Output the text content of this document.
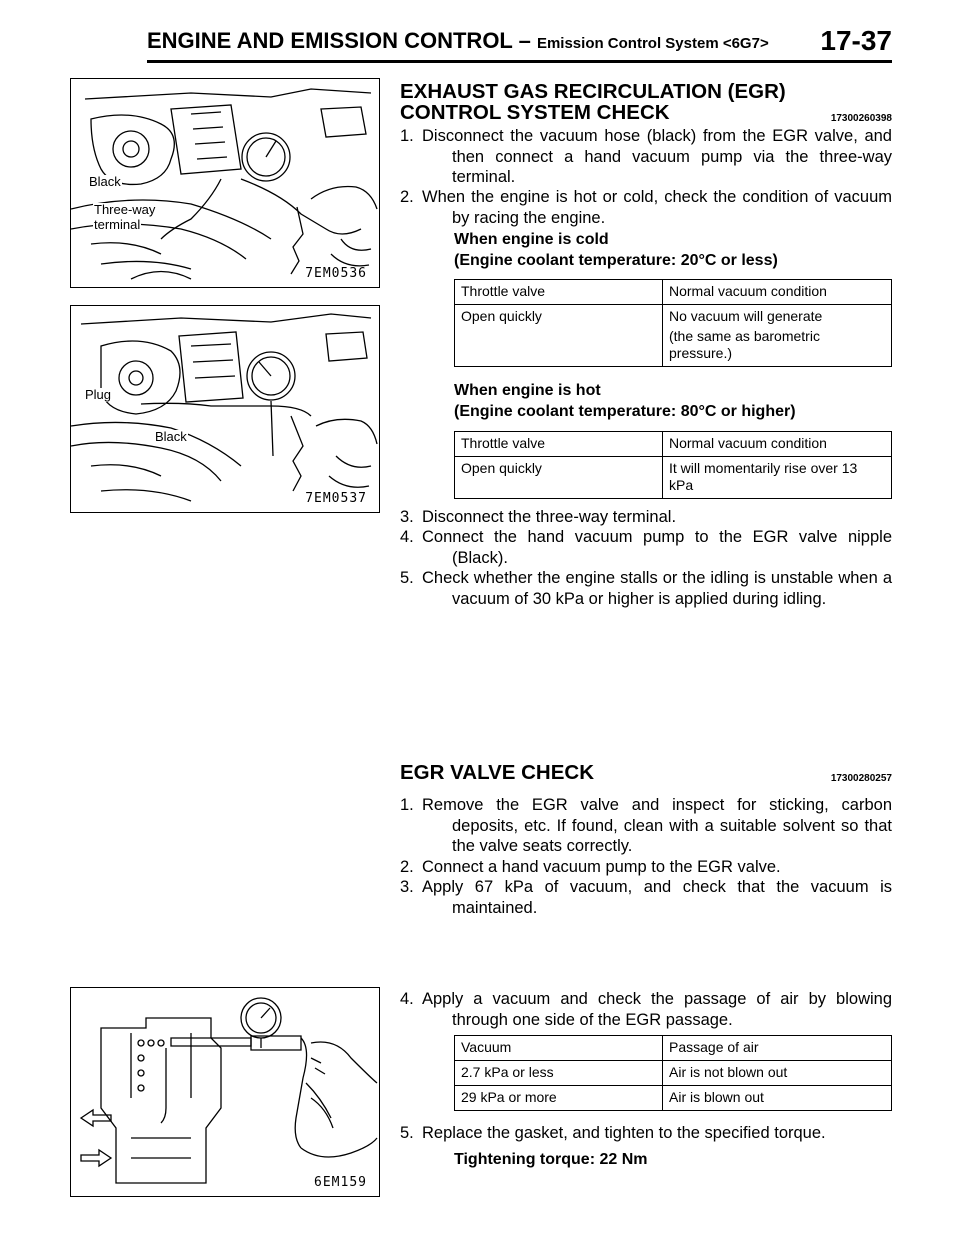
ENGINE AND EMISSION CONTROL – Emission Control System <6G7> 17-37
Black
Three-way
terminal
7EM0536
Plug
Black
7EM0537
6EM159
EXHAUST GAS RECIRCULATION (EGR)
CONTROL SYSTEM CHECK	17300260398
1. Disconnect the vacuum hose (black) from the EGR valve, and then connect a hand vacuum pump via the three-way terminal.
2. When the engine is hot or cold, check the condition of vacuum by racing the engine.
When engine is cold
(Engine coolant temperature: 20°C or less)
Throttle valve	Normal vacuum condition
Open quickly	No vacuum will generate
(the same as barometric pressure.)
When engine is hot
(Engine coolant temperature: 80°C or higher)
Throttle valve	Normal vacuum condition
Open quickly	It will momentarily rise over 13 kPa
3. Disconnect the three-way terminal.
4. Connect the hand vacuum pump to the EGR valve nipple (Black).
5. Check whether the engine stalls or the idling is unstable when a vacuum of 30 kPa or higher is applied during idling.
EGR VALVE CHECK	17300280257
1. Remove the EGR valve and inspect for sticking, carbon deposits, etc. If found, clean with a suitable solvent so that the valve seats correctly.
2. Connect a hand vacuum pump to the EGR valve.
3. Apply 67 kPa of vacuum, and check that the vacuum is maintained.
4. Apply a vacuum and check the passage of air by blowing through one side of the EGR passage.
Vacuum	Passage of air
2.7 kPa or less	Air is not blown out
29 kPa or more	Air is blown out
5. Replace the gasket, and tighten to the specified torque.
Tightening torque: 22 Nm
